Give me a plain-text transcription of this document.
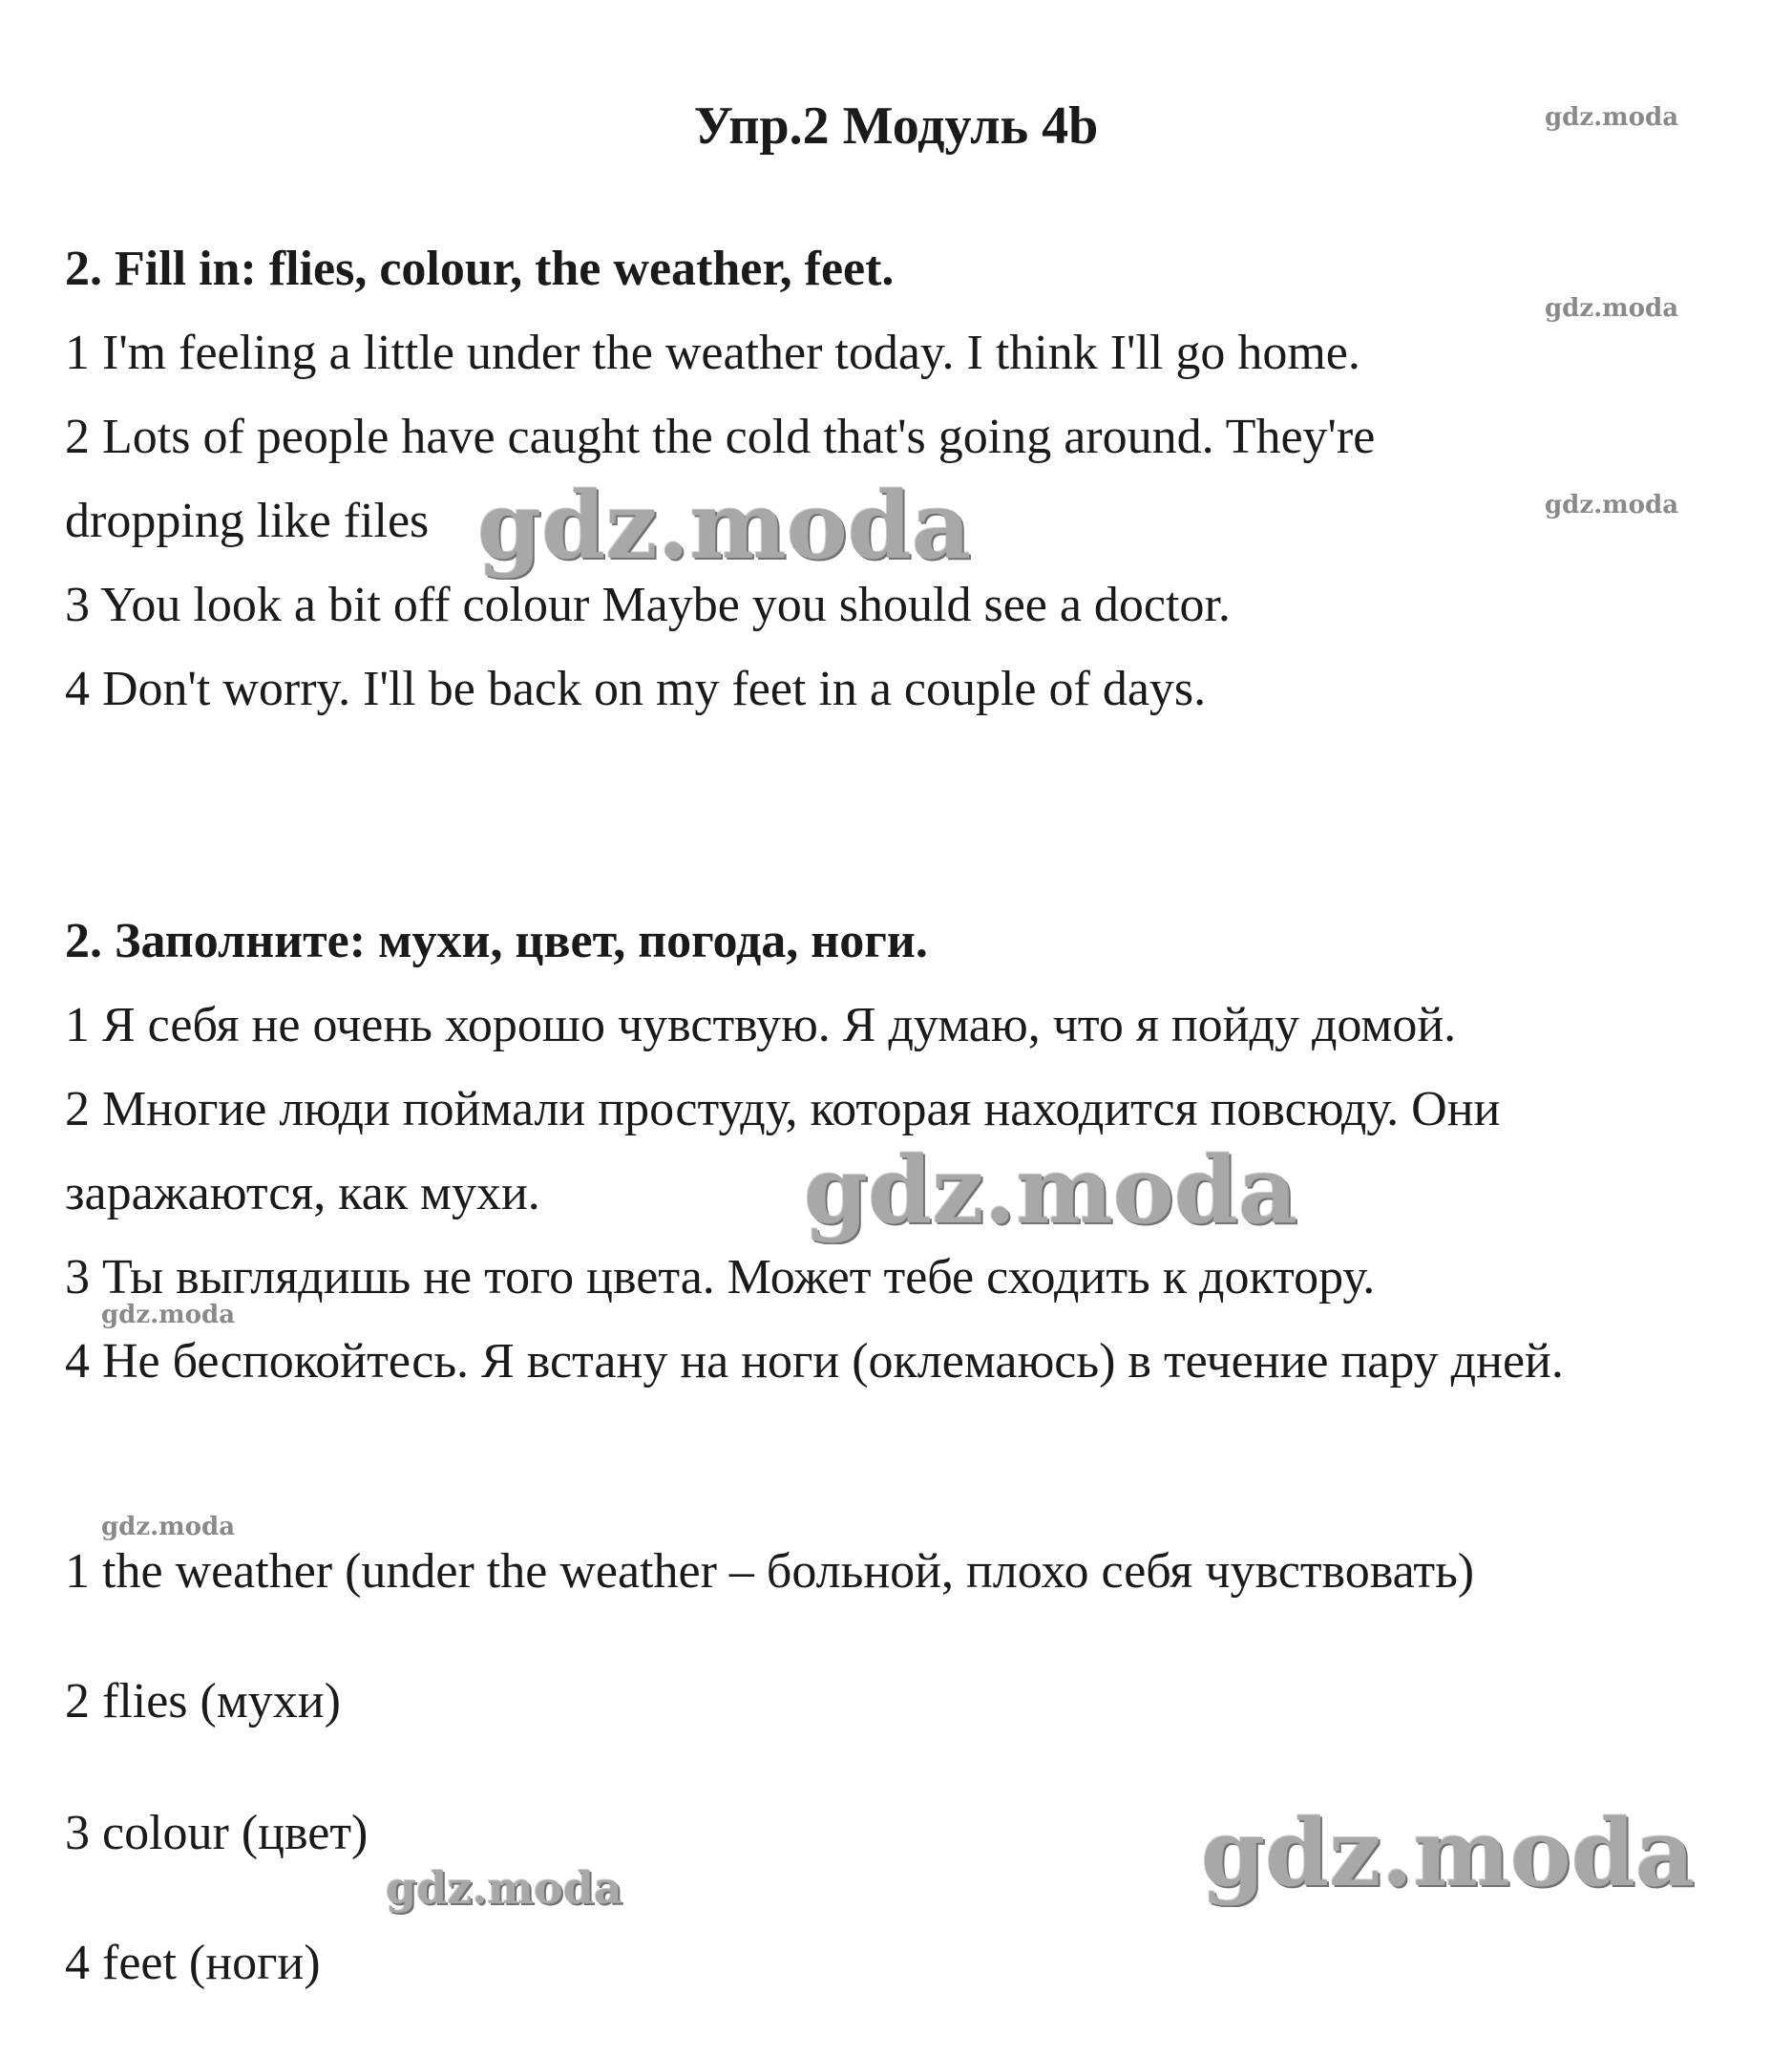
Упр.2 Модуль 4b
2. Fill in: flies, colour, the weather, feet.
1 I'm feeling a little under the weather today. I think I'll go home.
2 Lots of people have caught the cold that's going around. They're
dropping like files
3 You look a bit off colour Maybe you should see a doctor.
4 Don't worry. I'll be back on my feet in a couple of days.
2. Заполните: мухи, цвет, погода, ноги.
1 Я себя не очень хорошо чувствую. Я думаю, что я пойду домой.
2 Многие люди поймали простуду, которая находится повсюду. Они
заражаются, как мухи.
3 Ты выглядишь не того цвета. Может тебе сходить к доктору.
4 Не беспокойтесь. Я встану на ноги (оклемаюсь) в течение пару дней.
1 the weather (under the weather – больной, плохо себя чувствовать)
2 flies (мухи)
3 colour (цвет)
4 feet (ноги)
gdz.moda
gdz.moda
gdz.moda
gdz.moda
gdz.moda
gdz.moda
gdz.moda
gdz.moda
gdz.moda
